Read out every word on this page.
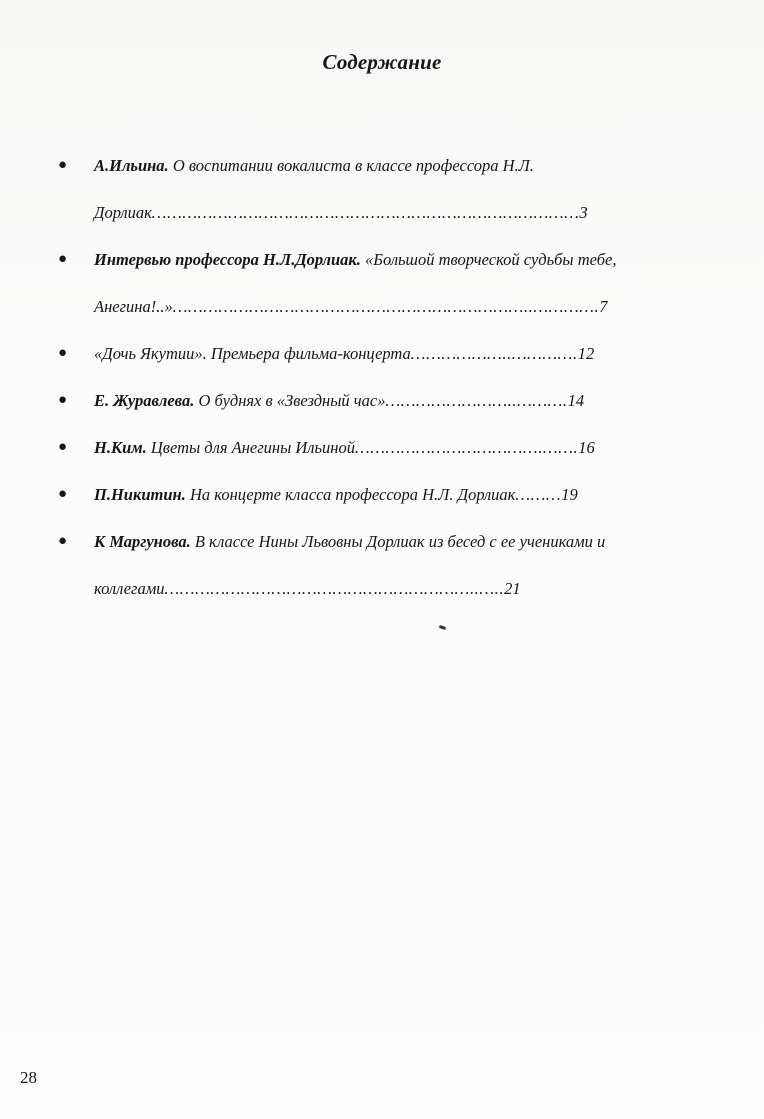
Содержание
● А.Ильина. О воспитании вокалиста в классе профессора Н.Л. Дорлиак…………………………………………………………………………3
● Интервью профессора Н.Л.Дорлиак. «Большой творческой судьбы тебе, Анегина!..»……………………………………………………………..………….7
● «Дочь Якутии». Премьера фильма-концерта………………..………….12
● Е. Журавлева. О буднях в «Звездный час»……………………..……….14
● Н.Ким. Цветы для Анегины Ильиной……………………………….…….16
● П.Никитин. На концерте класса профессора Н.Л. Дорлиак………19
● К Маргунова. В классе Нины Львовны Дорлиак из бесед с ее учениками и коллегами……………………………………………………..…..21
28
